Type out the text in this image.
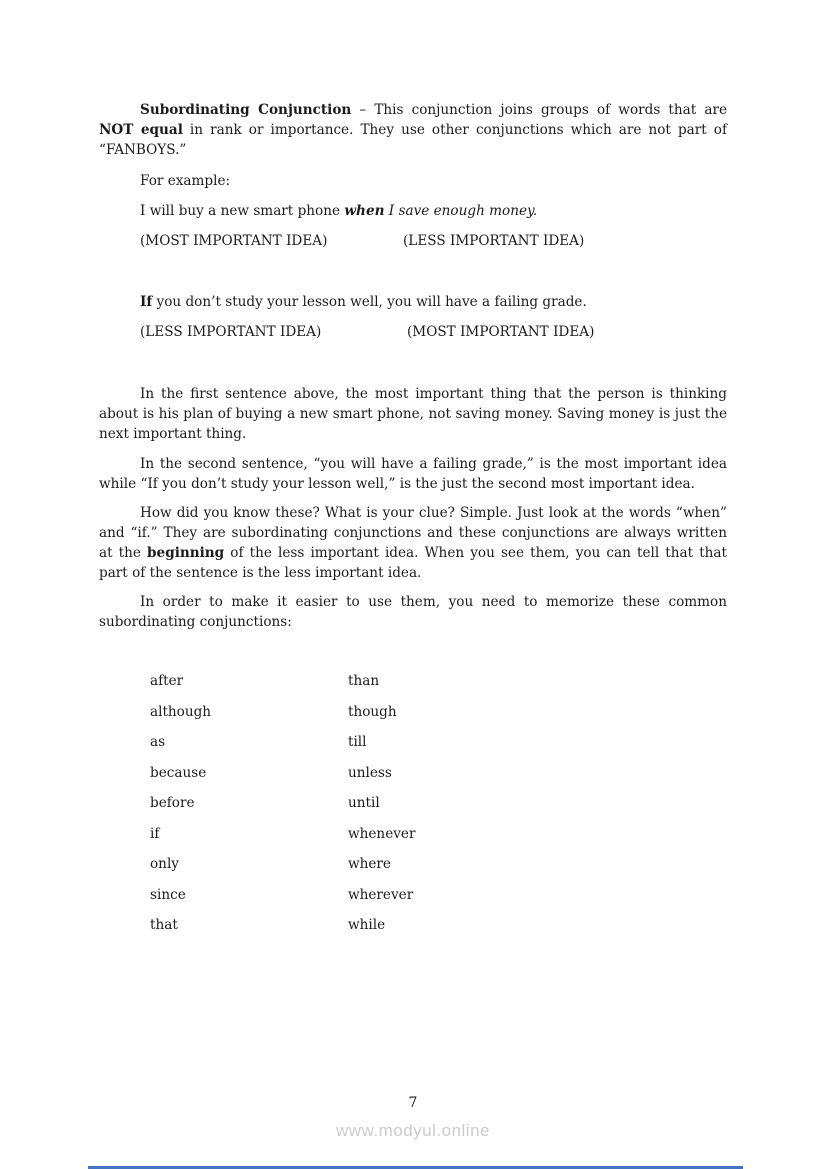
Subordinating Conjunction – This conjunction joins groups of words that are NOT equal in rank or importance. They use other conjunctions which are not part of “FANBOYS.”

For example:

I will buy a new smart phone when I save enough money.

(MOST IMPORTANT IDEA)	(LESS IMPORTANT IDEA)

If you don’t study your lesson well, you will have a failing grade.

(LESS IMPORTANT IDEA)	(MOST IMPORTANT IDEA)

In the first sentence above, the most important thing that the person is thinking about is his plan of buying a new smart phone, not saving money. Saving money is just the next important thing.

In the second sentence, “you will have a failing grade,” is the most important idea while “If you don’t study your lesson well,” is the just the second most important idea.

How did you know these? What is your clue? Simple. Just look at the words “when” and “if.” They are subordinating conjunctions and these conjunctions are always written at the beginning of the less important idea. When you see them, you can tell that that part of the sentence is the less important idea.

In order to make it easier to use them, you need to memorize these common subordinating conjunctions:

after	than
although	though
as	till
because	unless
before	until
if	whenever
only	where
since	wherever
that	while
7
www.modyul.online
